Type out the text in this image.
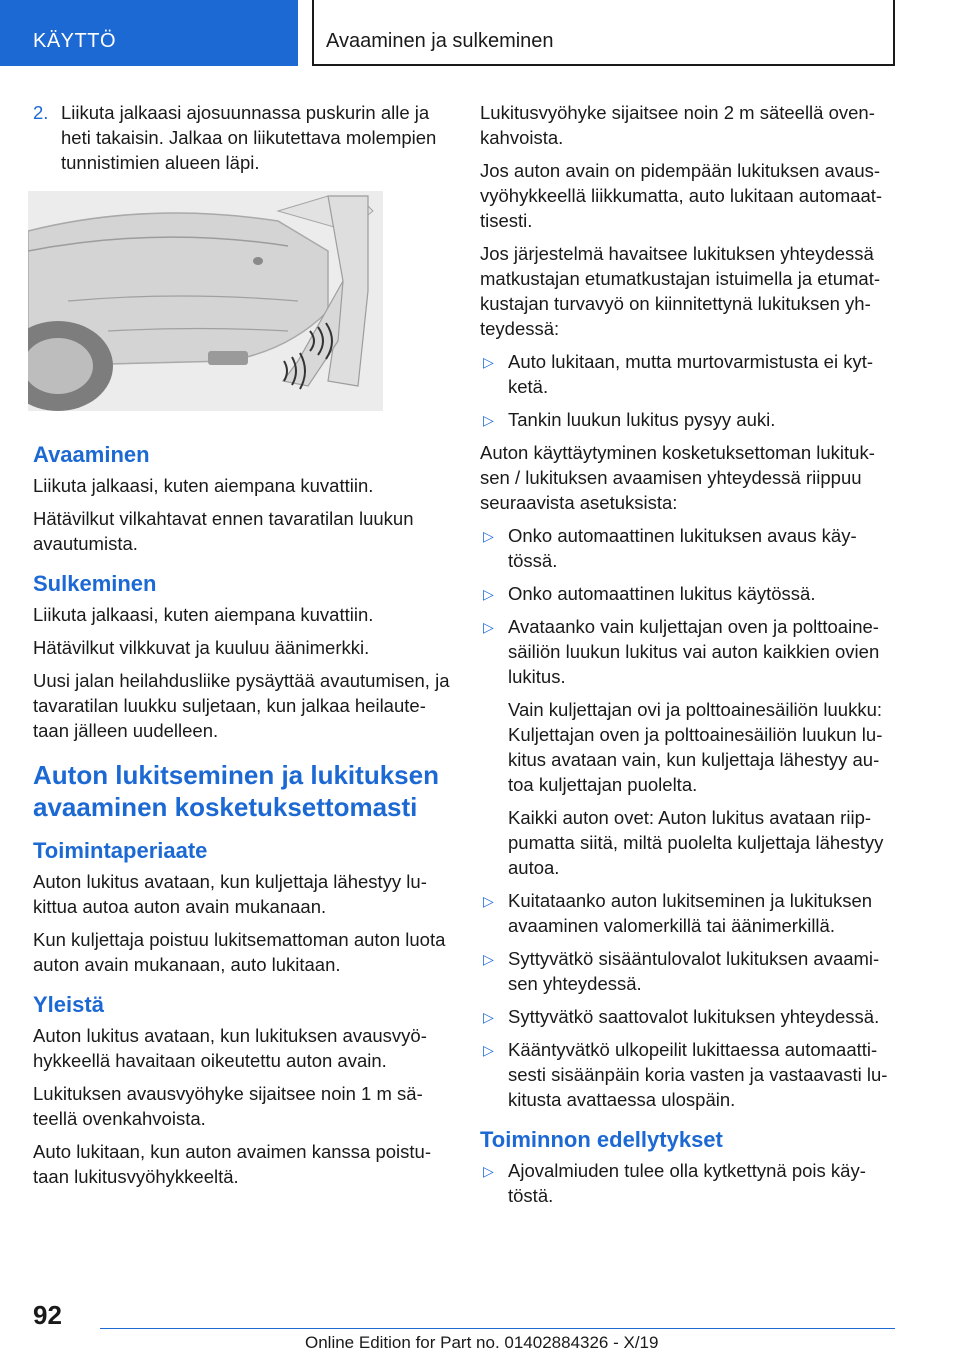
KÄYTTÖ	Avaaminen ja sulkeminen
2. Liikuta jalkaasi ajosuunnassa puskurin alle ja heti takaisin. Jalkaa on liikutettava molempien tunnistimien alueen läpi.
Avaaminen

Liikuta jalkaasi, kuten aiempana kuvattiin.

Hätävilkut vilkahtavat ennen tavaratilan luukun avautumista.

Sulkeminen

Liikuta jalkaasi, kuten aiempana kuvattiin.

Hätävilkut vilkkuvat ja kuuluu äänimerkki.

Uusi jalan heilahdusliike pysäyttää avautumisen, ja tavaratilan luukku suljetaan, kun jalkaa heilaute-taan jälleen uudelleen.

Auton lukitseminen ja lukituksen avaaminen kosketuksettomasti
Toimintaperiaate

Auton lukitus avataan, kun kuljettaja lähestyy lu-kittua autoa auton avain mukanaan.

Kun kuljettaja poistuu lukitsemattoman auton luota auton avain mukanaan, auto lukitaan.

Yleistä

Auton lukitus avataan, kun lukituksen avausvyö-hykkeellä havaitaan oikeutettu auton avain.

Lukituksen avausvyöhyke sijaitsee noin 1 m sä-teellä ovenkahvoista.

Auto lukitaan, kun auton avaimen kanssa poistu-taan lukitusvyöhykkeeltä.

Lukitusvyöhyke sijaitsee noin 2 m säteellä oven-kahvoista.

Jos auton avain on pidempään lukituksen avaus-vyöhykkeellä liikkumatta, auto lukitaan automaat-tisesti.

Jos järjestelmä havaitsee lukituksen yhteydessä matkustajan etumatkustajan istuimella ja etumat-kustajan turvavyö on kiinnitettynä lukituksen yh-teydessä:

▷ Auto lukitaan, mutta murtovarmistusta ei kyt-ketä.
▷ Tankin luukun lukitus pysyy auki.

Auton käyttäytyminen kosketuksettoman lukituk-sen / lukituksen avaamisen yhteydessä riippuu seuraavista asetuksista:

▷ Onko automaattinen lukituksen avaus käy-tössä.
▷ Onko automaattinen lukitus käytössä.
▷ Avataanko vain kuljettajan oven ja polttoaine-säiliön luukun lukitus vai auton kaikkien ovien lukitus.

Vain kuljettajan ovi ja polttoainesäiliön luukku: Kuljettajan oven ja polttoainesäiliön luukun lu-kitus avataan vain, kun kuljettaja lähestyy au-toa kuljettajan puolelta.

Kaikki auton ovet: Auton lukitus avataan riip-pumatta siitä, miltä puolelta kuljettaja lähestyy autoa.

▷ Kuitataanko auton lukitseminen ja lukituksen avaaminen valomerkillä tai äänimerkillä.
▷ Syttyvätkö sisääntulovalot lukituksen avaami-sen yhteydessä.
▷ Syttyvätkö saattovalot lukituksen yhteydessä.
▷ Kääntyvätkö ulkopeilit lukittaessa automaatti-sesti sisäänpäin koria vasten ja vastaavasti lu-kitusta avattaessa ulospäin.
Toiminnon edellytykset
▷ Ajovalmiuden tulee olla kytkettynä pois käy-töstä.
92
Online Edition for Part no. 01402884326 - X/19
